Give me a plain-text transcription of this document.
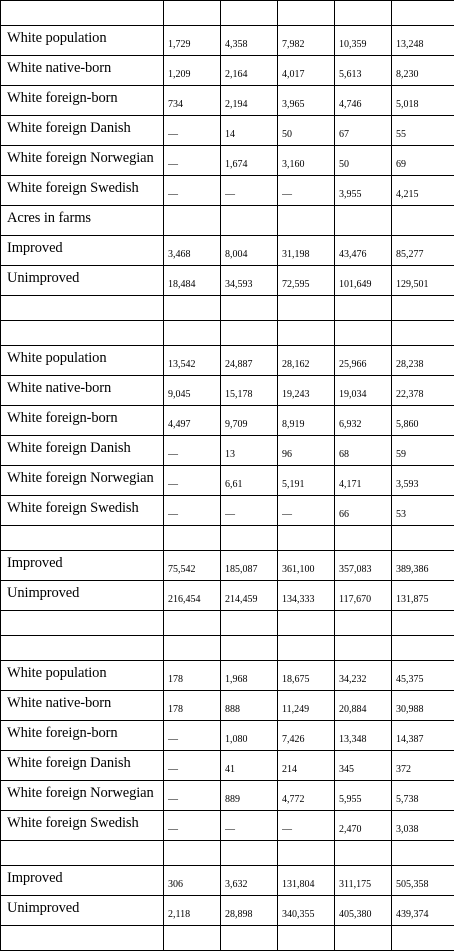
White population	1,729	4,358	7,982	10,359	13,248

White native-born	1,209	2,164	4,017	5,613	8,230

White foreign-born	734	2,194	3,965	4,746	5,018

White foreign Danish	—	14	50	67	55

White foreign Norwegian	—	1,674	3,160	50	69

White foreign Swedish	—	—	—	3,955	4,215

Acres in farms	

Improved	3,468	8,004	31,198	43,476	85,277

Unimproved	18,484	34,593	72,595	101,649	129,501

White population	13,542	24,887	28,162	25,966	28,238

White native-born	9,045	15,178	19,243	19,034	22,378

White foreign-born	4,497	9,709	8,919	6,932	5,860

White foreign Danish	—	13	96	68	59

White foreign Norwegian	—	6,61	5,191	4,171	3,593

White foreign Swedish	—	—	—	66	53

Improved	75,542	185,087	361,100	357,083	389,386

Unimproved	216,454	214,459	134,333	117,670	131,875

White population	178	1,968	18,675	34,232	45,375

White native-born	178	888	11,249	20,884	30,988

White foreign-born	—	1,080	7,426	13,348	14,387

White foreign Danish	—	41	214	345	372

White foreign Norwegian	—	889	4,772	5,955	5,738

White foreign Swedish	—	—	—	2,470	3,038

Improved	306	3,632	131,804	311,175	505,358

Unimproved	2,118	28,898	340,355	405,380	439,374
